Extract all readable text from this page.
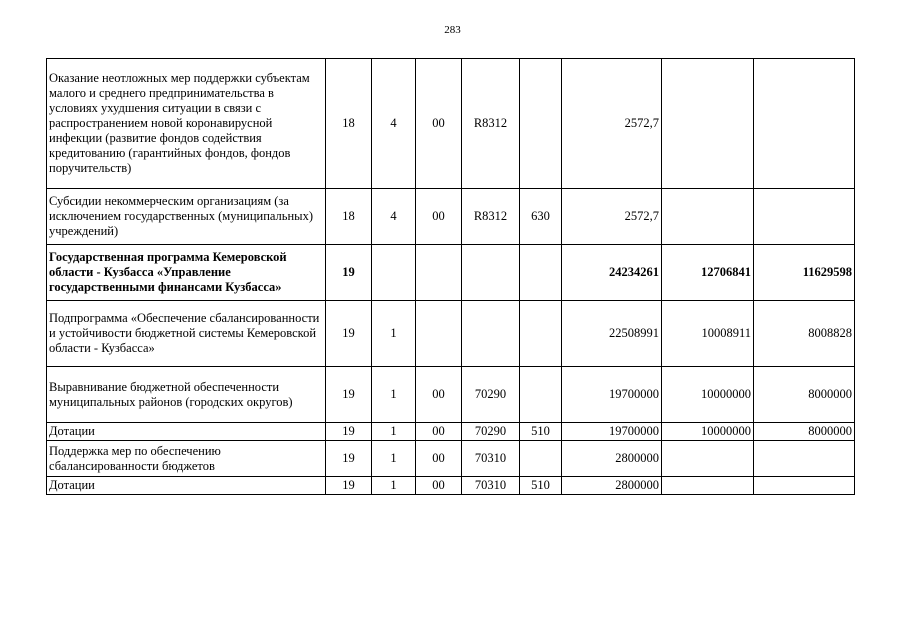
283
Оказание неотложных мер поддержки субъектам малого и среднего предпринимательства в условиях ухудшения ситуации в связи с распространением новой коронавирусной инфекции (развитие фондов содействия кредитованию (гарантийных фондов, фондов поручительств)	18	4	00	R8312		2572,7		
Субсидии некоммерческим организациям (за исключением государственных (муниципальных) учреждений)	18	4	00	R8312	630	2572,7		
Государственная программа Кемеровской области - Кузбасса «Управление государственными финансами Кузбасса»	19					24234261	12706841	11629598
Подпрограмма «Обеспечение сбалансированности и устойчивости бюджетной системы Кемеровской области - Кузбасса»	19	1				22508991	10008911	8008828
Выравнивание бюджетной обеспеченности муниципальных районов (городских округов)	19	1	00	70290		19700000	10000000	8000000
Дотации	19	1	00	70290	510	19700000	10000000	8000000
Поддержка мер по обеспечению сбалансированности бюджетов	19	1	00	70310		2800000		
Дотации	19	1	00	70310	510	2800000		
